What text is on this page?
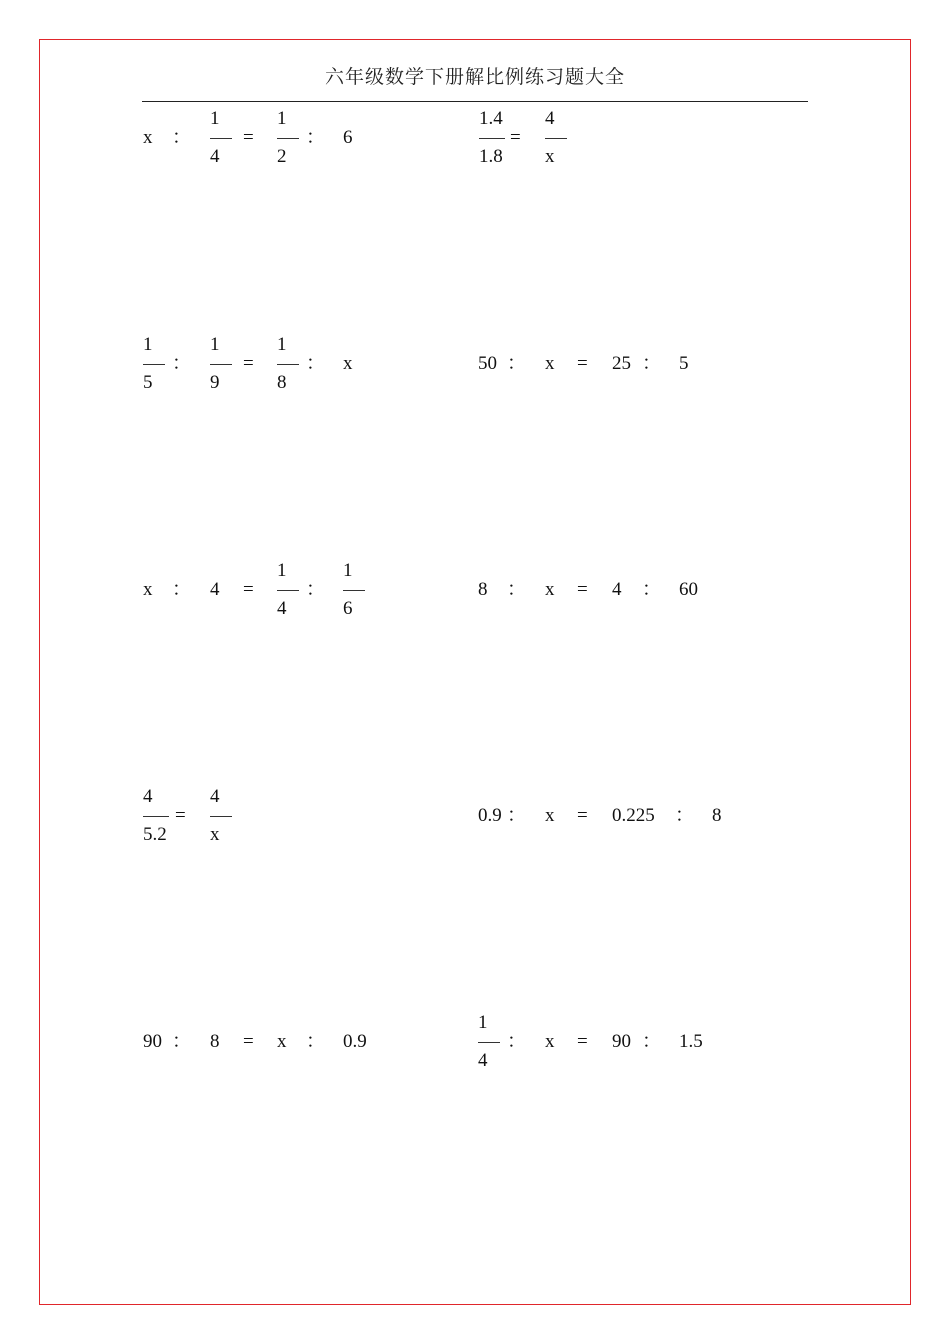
六年级数学下册解比例练习题大全
x ：
1
4
=
1
2
： 6
1.4
1.8
=
4
x
1
5
：
1
9
=
1
8
： x	50 ： x = 25 ： 5
x ： 4 =
1
4
：
1
6
8 ： x = 4 ： 60
4
5.2
=
4
x
0.9 ： x = 0.225 ： 8
90 ： 8 = x ： 0.9
1
4
： x = 90 ： 1.5
